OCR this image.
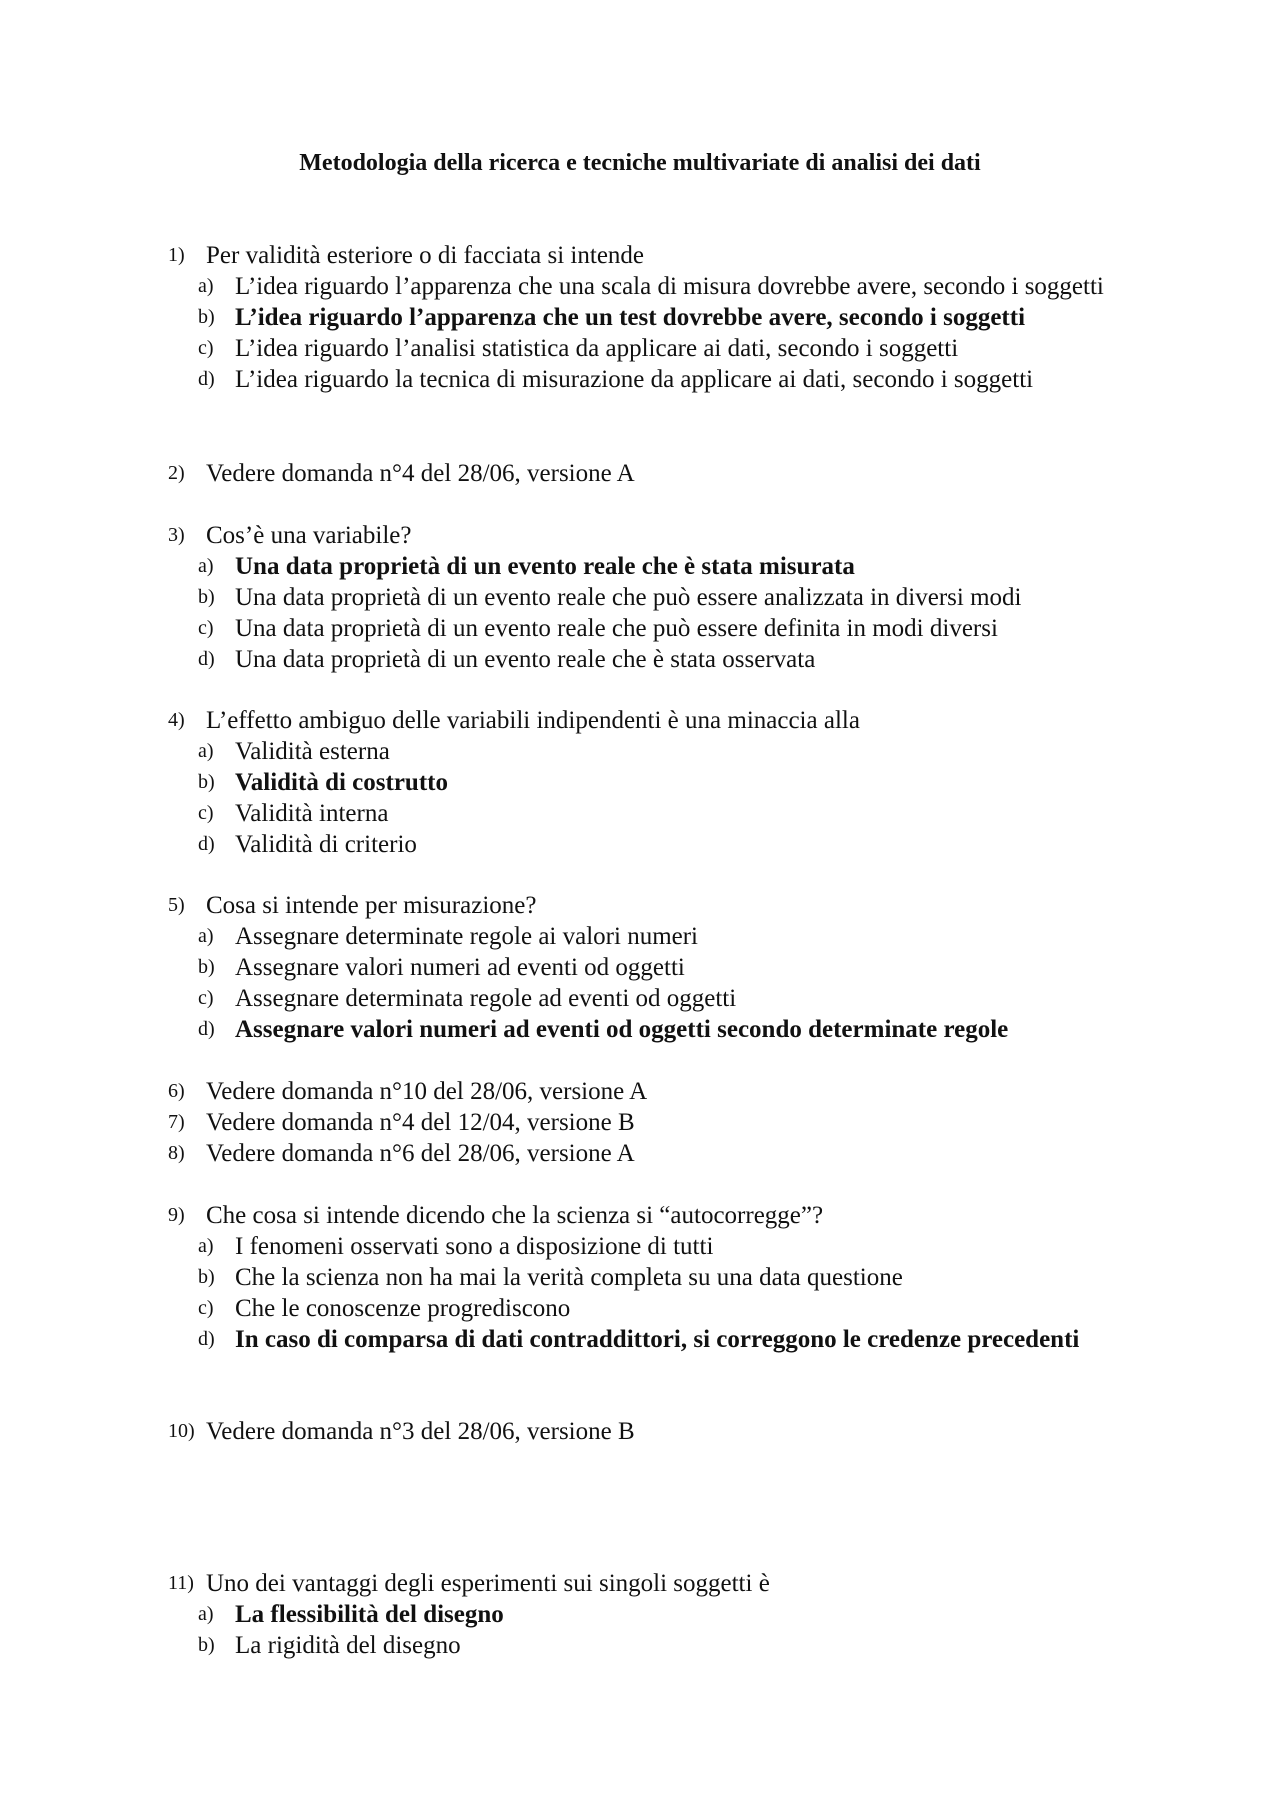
Metodologia della ricerca e tecniche multivariate di analisi dei dati
1) Per validità esteriore o di facciata si intende
a) L’idea riguardo l’apparenza che una scala di misura dovrebbe avere, secondo i soggetti
b) L’idea riguardo l’apparenza che un test dovrebbe avere, secondo i soggetti
c) L’idea riguardo l’analisi statistica da applicare ai dati, secondo i soggetti
d) L’idea riguardo la tecnica di misurazione da applicare ai dati, secondo i soggetti
2) Vedere domanda n°4 del 28/06, versione A
3) Cos’è una variabile?
a) Una data proprietà di un evento reale che è stata misurata
b) Una data proprietà di un evento reale che può essere analizzata in diversi modi
c) Una data proprietà di un evento reale che può essere definita in modi diversi
d) Una data proprietà di un evento reale che è stata osservata
4) L’effetto ambiguo delle variabili indipendenti è una minaccia alla
a) Validità esterna
b) Validità di costrutto
c) Validità interna
d) Validità di criterio
5) Cosa si intende per misurazione?
a) Assegnare determinate regole ai valori numeri
b) Assegnare valori numeri ad eventi od oggetti
c) Assegnare determinata regole ad eventi od oggetti
d) Assegnare valori numeri ad eventi od oggetti secondo determinate regole
6) Vedere domanda n°10 del 28/06, versione A
7) Vedere domanda n°4 del 12/04, versione B
8) Vedere domanda n°6 del 28/06, versione A
9) Che cosa si intende dicendo che la scienza si “autocorregge”?
a) I fenomeni osservati sono a disposizione di tutti
b) Che la scienza non ha mai la verità completa su una data questione
c) Che le conoscenze progrediscono
d) In caso di comparsa di dati contraddittori, si correggono le credenze precedenti
10) Vedere domanda n°3 del 28/06, versione B
11) Uno dei vantaggi degli esperimenti sui singoli soggetti è
a) La flessibilità del disegno
b) La rigidità del disegno
